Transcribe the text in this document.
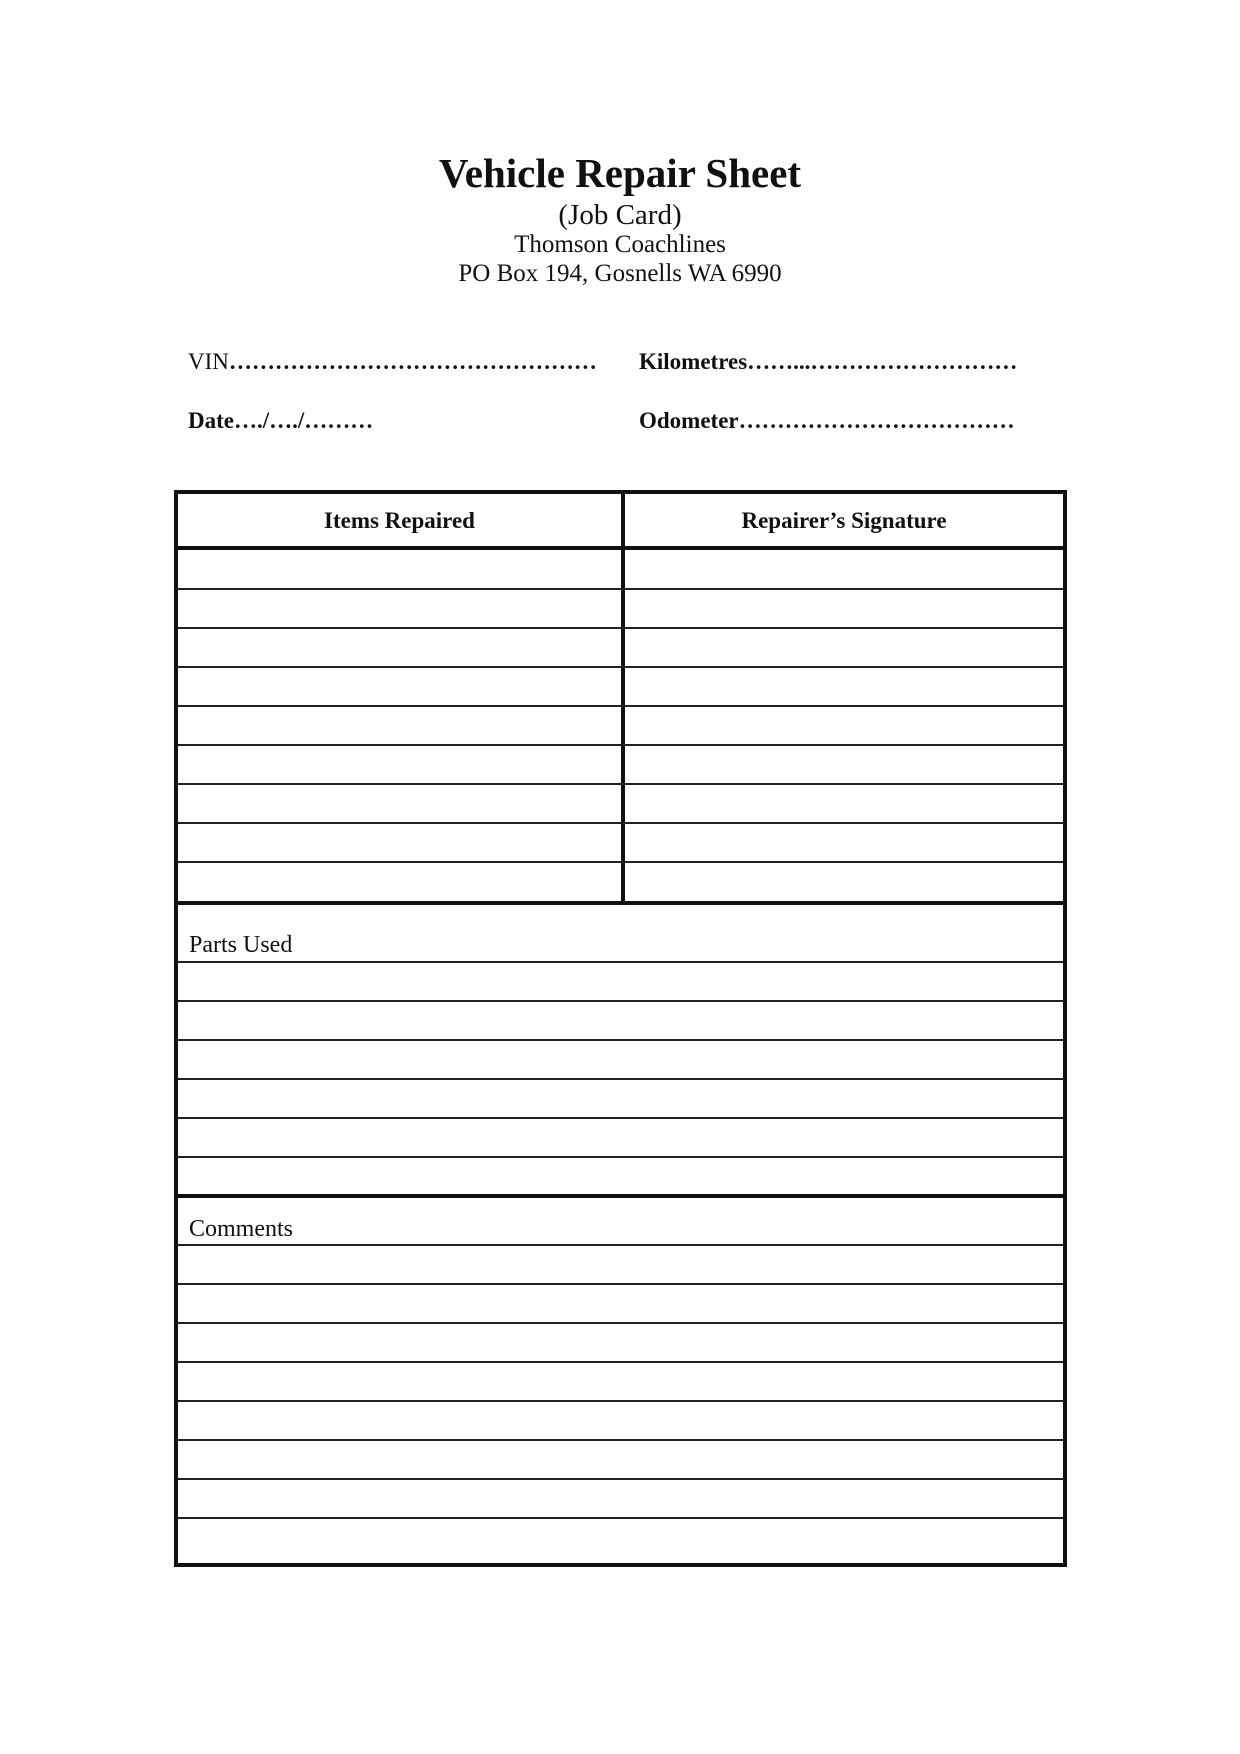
Vehicle Repair Sheet
(Job Card)
Thomson Coachlines
PO Box 194, Gosnells WA 6990
VIN………………………………………… Kilometres……...………………………
Date…./…./………	Odometer………………………………
Items Repaired	Repairer’s Signature
Parts Used
Comments
